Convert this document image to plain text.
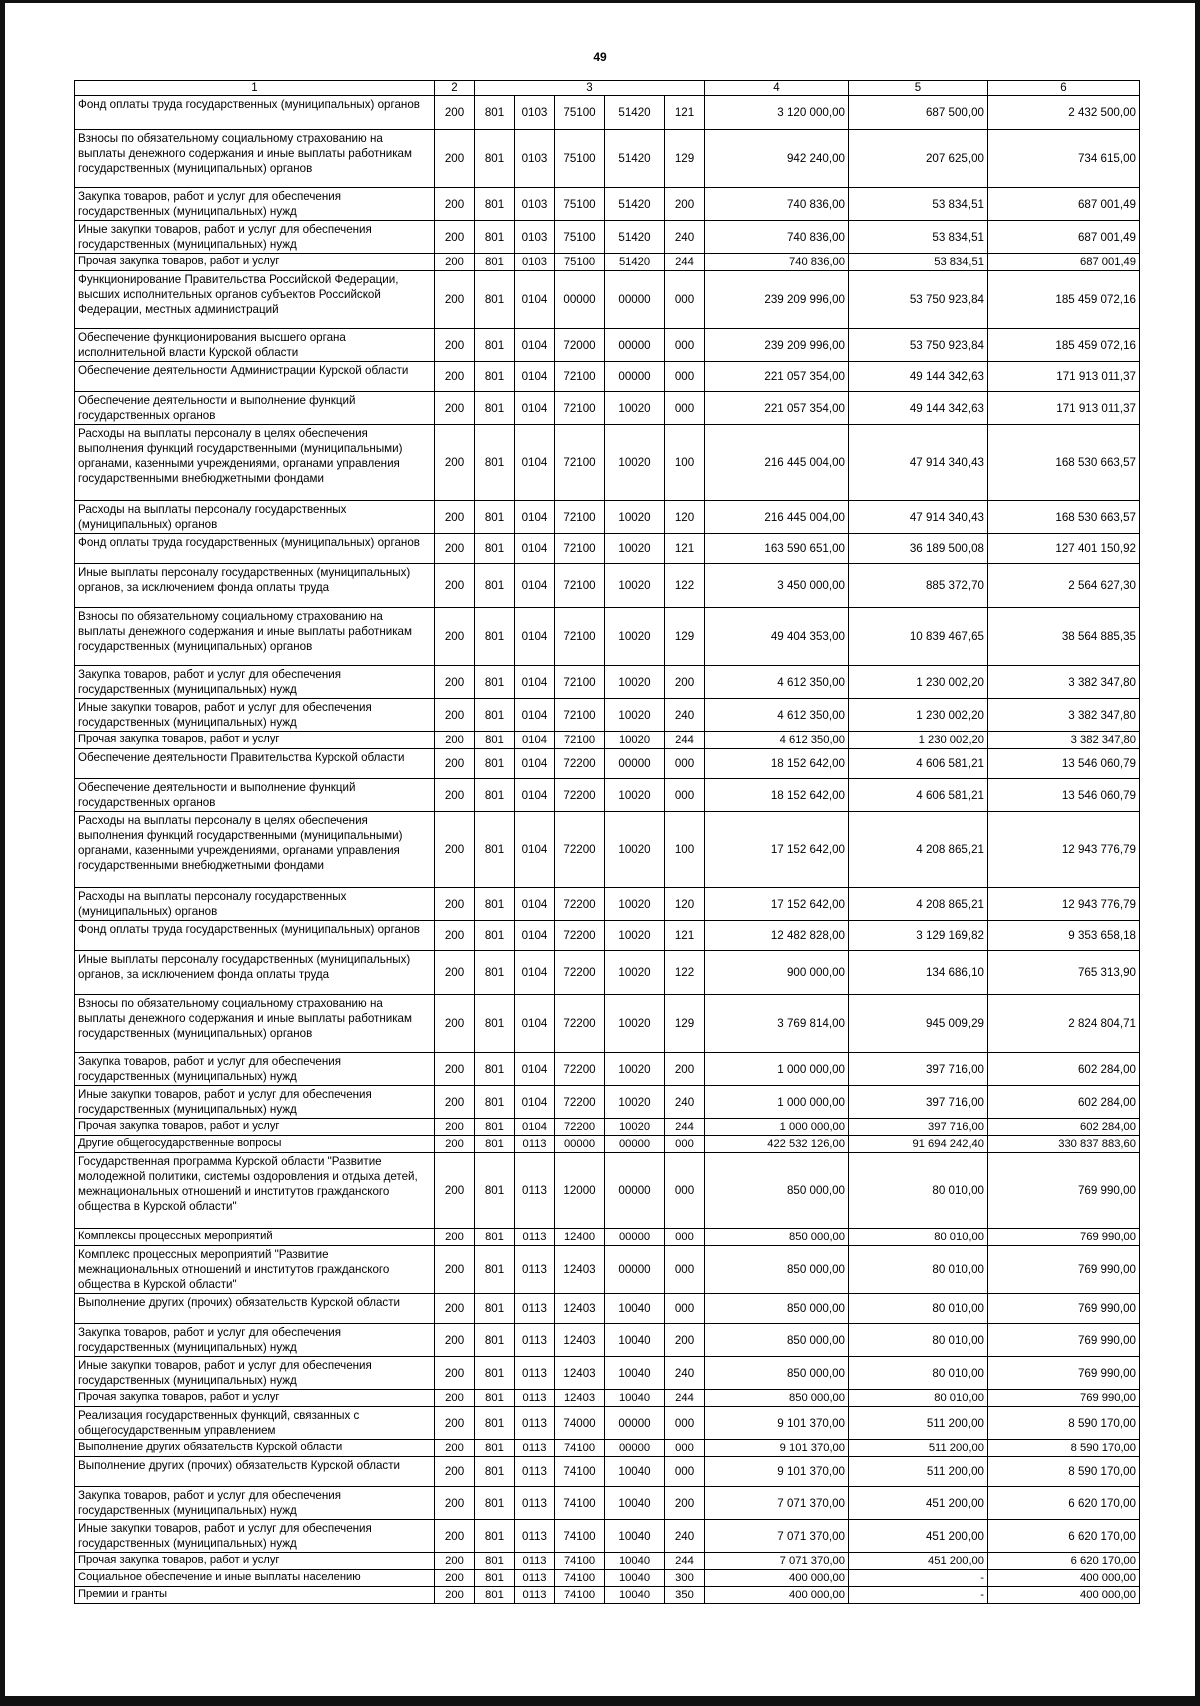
49
1	2	3					4	5	6
Фонд оплаты труда государственных (муниципальных) органов	200	801	0103	75100	51420	121	3 120 000,00	687 500,00	2 432 500,00
Взносы по обязательному социальному страхованию на выплаты денежного содержания и иные выплаты работникам государственных (муниципальных) органов	200	801	0103	75100	51420	129	942 240,00	207 625,00	734 615,00
Закупка товаров, работ и услуг для обеспечения государственных (муниципальных) нужд	200	801	0103	75100	51420	200	740 836,00	53 834,51	687 001,49
Иные закупки товаров, работ и услуг для обеспечения государственных (муниципальных) нужд	200	801	0103	75100	51420	240	740 836,00	53 834,51	687 001,49
Прочая закупка товаров, работ и услуг	200	801	0103	75100	51420	244	740 836,00	53 834,51	687 001,49
Функционирование Правительства Российской Федерации, высших исполнительных органов субъектов Российской Федерации, местных администраций	200	801	0104	00000	00000	000	239 209 996,00	53 750 923,84	185 459 072,16
Обеспечение функционирования высшего органа исполнительной власти Курской области	200	801	0104	72000	00000	000	239 209 996,00	53 750 923,84	185 459 072,16
Обеспечение деятельности Администрации Курской области	200	801	0104	72100	00000	000	221 057 354,00	49 144 342,63	171 913 011,37
Обеспечение деятельности и выполнение функций государственных органов	200	801	0104	72100	10020	000	221 057 354,00	49 144 342,63	171 913 011,37
Расходы на выплаты персоналу в целях обеспечения выполнения функций государственными (муниципальными) органами, казенными учреждениями, органами управления государственными внебюджетными фондами	200	801	0104	72100	10020	100	216 445 004,00	47 914 340,43	168 530 663,57
Расходы на выплаты персоналу государственных (муниципальных) органов	200	801	0104	72100	10020	120	216 445 004,00	47 914 340,43	168 530 663,57
Фонд оплаты труда государственных (муниципальных) органов	200	801	0104	72100	10020	121	163 590 651,00	36 189 500,08	127 401 150,92
Иные выплаты персоналу государственных (муниципальных) органов, за исключением фонда оплаты труда	200	801	0104	72100	10020	122	3 450 000,00	885 372,70	2 564 627,30
Взносы по обязательному социальному страхованию на выплаты денежного содержания и иные выплаты работникам государственных (муниципальных) органов	200	801	0104	72100	10020	129	49 404 353,00	10 839 467,65	38 564 885,35
Закупка товаров, работ и услуг для обеспечения государственных (муниципальных) нужд	200	801	0104	72100	10020	200	4 612 350,00	1 230 002,20	3 382 347,80
Иные закупки товаров, работ и услуг для обеспечения государственных (муниципальных) нужд	200	801	0104	72100	10020	240	4 612 350,00	1 230 002,20	3 382 347,80
Прочая закупка товаров, работ и услуг	200	801	0104	72100	10020	244	4 612 350,00	1 230 002,20	3 382 347,80
Обеспечение деятельности Правительства Курской области	200	801	0104	72200	00000	000	18 152 642,00	4 606 581,21	13 546 060,79
Обеспечение деятельности и выполнение функций государственных органов	200	801	0104	72200	10020	000	18 152 642,00	4 606 581,21	13 546 060,79
Расходы на выплаты персоналу в целях обеспечения выполнения функций государственными (муниципальными) органами, казенными учреждениями, органами управления государственными внебюджетными фондами	200	801	0104	72200	10020	100	17 152 642,00	4 208 865,21	12 943 776,79
Расходы на выплаты персоналу государственных (муниципальных) органов	200	801	0104	72200	10020	120	17 152 642,00	4 208 865,21	12 943 776,79
Фонд оплаты труда государственных (муниципальных) органов	200	801	0104	72200	10020	121	12 482 828,00	3 129 169,82	9 353 658,18
Иные выплаты персоналу государственных (муниципальных) органов, за исключением фонда оплаты труда	200	801	0104	72200	10020	122	900 000,00	134 686,10	765 313,90
Взносы по обязательному социальному страхованию на выплаты денежного содержания и иные выплаты работникам государственных (муниципальных) органов	200	801	0104	72200	10020	129	3 769 814,00	945 009,29	2 824 804,71
Закупка товаров, работ и услуг для обеспечения государственных (муниципальных) нужд	200	801	0104	72200	10020	200	1 000 000,00	397 716,00	602 284,00
Иные закупки товаров, работ и услуг для обеспечения государственных (муниципальных) нужд	200	801	0104	72200	10020	240	1 000 000,00	397 716,00	602 284,00
Прочая закупка товаров, работ и услуг	200	801	0104	72200	10020	244	1 000 000,00	397 716,00	602 284,00
Другие общегосударственные вопросы	200	801	0113	00000	00000	000	422 532 126,00	91 694 242,40	330 837 883,60
Государственная программа Курской области "Развитие молодежной политики, системы оздоровления и отдыха детей, межнациональных отношений и институтов гражданского общества в Курской области"	200	801	0113	12000	00000	000	850 000,00	80 010,00	769 990,00
Комплексы процессных мероприятий	200	801	0113	12400	00000	000	850 000,00	80 010,00	769 990,00
Комплекс процессных мероприятий "Развитие межнациональных отношений и институтов гражданского общества в Курской области"	200	801	0113	12403	00000	000	850 000,00	80 010,00	769 990,00
Выполнение других (прочих) обязательств Курской области	200	801	0113	12403	10040	000	850 000,00	80 010,00	769 990,00
Закупка товаров, работ и услуг для обеспечения государственных (муниципальных) нужд	200	801	0113	12403	10040	200	850 000,00	80 010,00	769 990,00
Иные закупки товаров, работ и услуг для обеспечения государственных (муниципальных) нужд	200	801	0113	12403	10040	240	850 000,00	80 010,00	769 990,00
Прочая закупка товаров, работ и услуг	200	801	0113	12403	10040	244	850 000,00	80 010,00	769 990,00
Реализация государственных функций, связанных с общегосударственным управлением	200	801	0113	74000	00000	000	9 101 370,00	511 200,00	8 590 170,00
Выполнение других обязательств Курской области	200	801	0113	74100	00000	000	9 101 370,00	511 200,00	8 590 170,00
Выполнение других (прочих) обязательств Курской области	200	801	0113	74100	10040	000	9 101 370,00	511 200,00	8 590 170,00
Закупка товаров, работ и услуг для обеспечения государственных (муниципальных) нужд	200	801	0113	74100	10040	200	7 071 370,00	451 200,00	6 620 170,00
Иные закупки товаров, работ и услуг для обеспечения государственных (муниципальных) нужд	200	801	0113	74100	10040	240	7 071 370,00	451 200,00	6 620 170,00
Прочая закупка товаров, работ и услуг	200	801	0113	74100	10040	244	7 071 370,00	451 200,00	6 620 170,00
Социальное обеспечение и иные выплаты населению	200	801	0113	74100	10040	300	400 000,00	-	400 000,00
Премии и гранты	200	801	0113	74100	10040	350	400 000,00	-	400 000,00
